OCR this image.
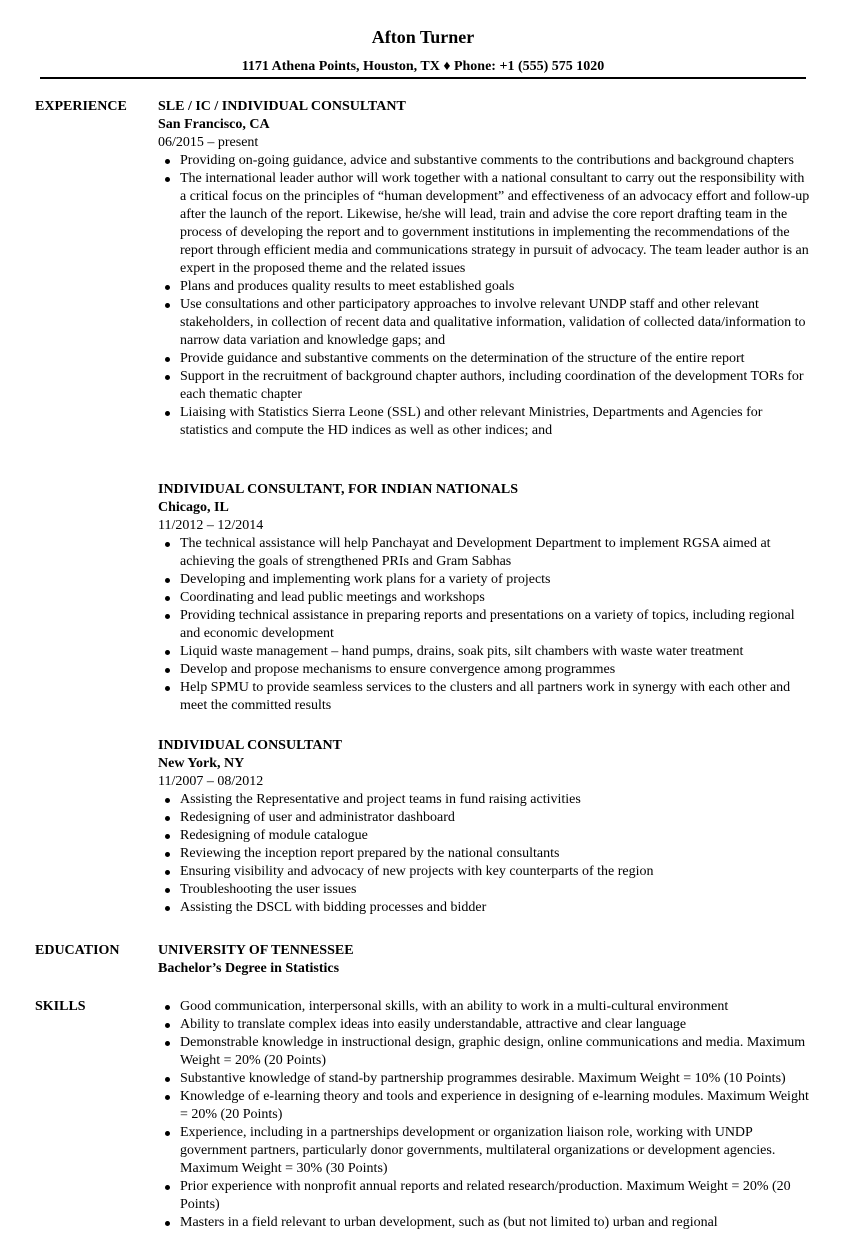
Afton Turner
1171 Athena Points, Houston, TX ♦ Phone: +1 (555) 575 1020
EXPERIENCE SLE / IC / INDIVIDUAL CONSULTANT
San Francisco, CA
06/2015 – present
Providing on-going guidance, advice and substantive comments to the contributions and background chapters
The international leader author will work together with a national consultant to carry out the responsibility with a critical focus on the principles of “human development” and effectiveness of an advocacy effort and follow-up after the launch of the report. Likewise, he/she will lead, train and advise the core report drafting team in the process of developing the report and to government institutions in implementing the recommendations of the report through efficient media and communications strategy in pursuit of advocacy. The team leader author is an expert in the proposed theme and the related issues
Plans and produces quality results to meet established goals
Use consultations and other participatory approaches to involve relevant UNDP staff and other relevant stakeholders, in collection of recent data and qualitative information, validation of collected data/information to narrow data variation and knowledge gaps; and
Provide guidance and substantive comments on the determination of the structure of the entire report
Support in the recruitment of background chapter authors, including coordination of the development TORs for each thematic chapter
Liaising with Statistics Sierra Leone (SSL) and other relevant Ministries, Departments and Agencies for statistics and compute the HD indices as well as other indices; and
INDIVIDUAL CONSULTANT, FOR INDIAN NATIONALS
Chicago, IL
11/2012 – 12/2014
The technical assistance will help Panchayat and Development Department to implement RGSA aimed at achieving the goals of strengthened PRIs and Gram Sabhas
Developing and implementing work plans for a variety of projects
Coordinating and lead public meetings and workshops
Providing technical assistance in preparing reports and presentations on a variety of topics, including regional and economic development
Liquid waste management – hand pumps, drains, soak pits, silt chambers with waste water treatment
Develop and propose mechanisms to ensure convergence among programmes
Help SPMU to provide seamless services to the clusters and all partners work in synergy with each other and meet the committed results
INDIVIDUAL CONSULTANT
New York, NY
11/2007 – 08/2012
Assisting the Representative and project teams in fund raising activities
Redesigning of user and administrator dashboard
Redesigning of module catalogue
Reviewing the inception report prepared by the national consultants
Ensuring visibility and advocacy of new projects with key counterparts of the region
Troubleshooting the user issues
Assisting the DSCL with bidding processes and bidder
EDUCATION	UNIVERSITY OF TENNESSEE
Bachelor’s Degree in Statistics
SKILLS	Good communication, interpersonal skills, with an ability to work in a multi-cultural environment
Ability to translate complex ideas into easily understandable, attractive and clear language
Demonstrable knowledge in instructional design, graphic design, online communications and media. Maximum Weight = 20% (20 Points)
Substantive knowledge of stand-by partnership programmes desirable. Maximum Weight = 10% (10 Points)
Knowledge of e-learning theory and tools and experience in designing of e-learning modules. Maximum Weight = 20% (20 Points)
Experience, including in a partnerships development or organization liaison role, working with UNDP government partners, particularly donor governments, multilateral organizations or development agencies. Maximum Weight = 30% (30 Points)
Prior experience with nonprofit annual reports and related research/production. Maximum Weight = 20% (20 Points)
Masters in a field relevant to urban development, such as (but not limited to) urban and regional
